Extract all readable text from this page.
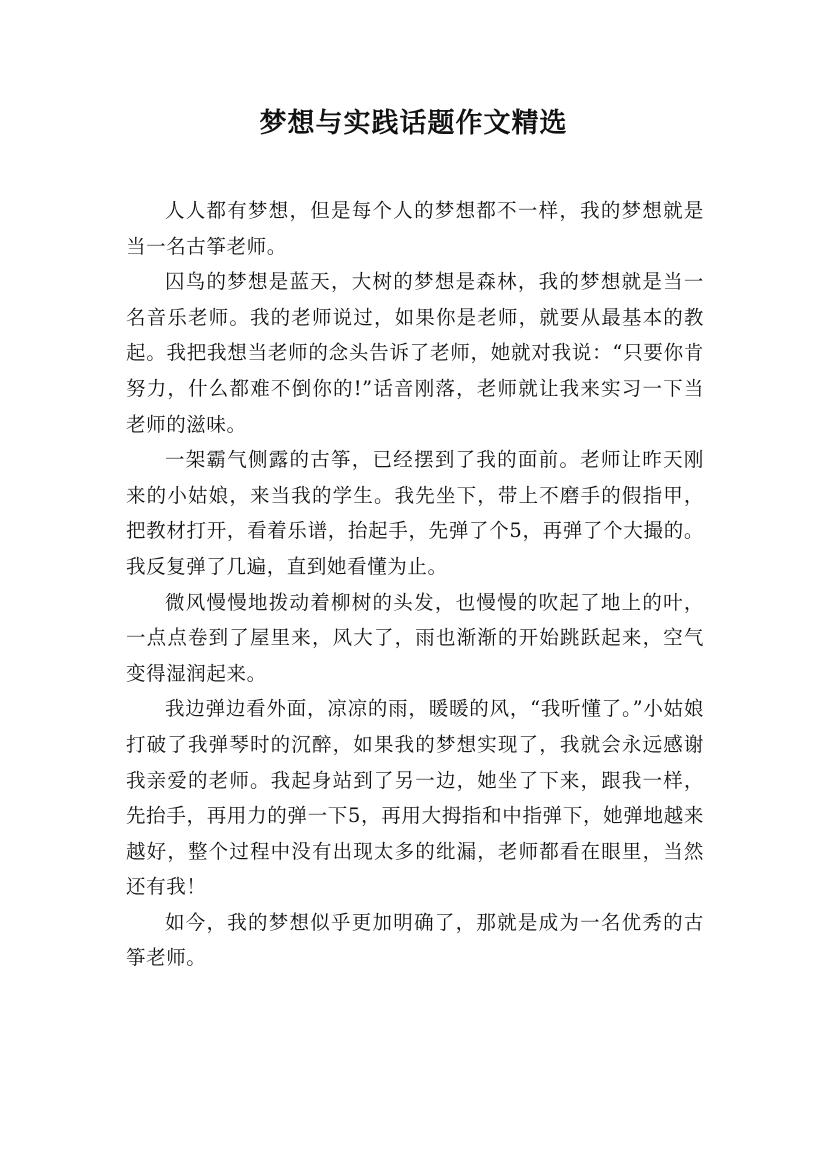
梦想与实践话题作文精选

人人都有梦想，但是每个人的梦想都不一样，我的梦想就是当一名古筝老师。

囚鸟的梦想是蓝天，大树的梦想是森林，我的梦想就是当一名音乐老师。我的老师说过，如果你是老师，就要从最基本的教起。我把我想当老师的念头告诉了老师，她就对我说：“只要你肯努力，什么都难不倒你的!”话音刚落，老师就让我来实习一下当老师的滋味。

一架霸气侧露的古筝，已经摆到了我的面前。老师让昨天刚来的小姑娘，来当我的学生。我先坐下，带上不磨手的假指甲，把教材打开，看着乐谱，抬起手，先弹了个5，再弹了个大撮的。我反复弹了几遍，直到她看懂为止。

微风慢慢地拨动着柳树的头发，也慢慢的吹起了地上的叶，一点点卷到了屋里来，风大了，雨也渐渐的开始跳跃起来，空气变得湿润起来。

我边弹边看外面，凉凉的雨，暖暖的风，“我听懂了。”小姑娘打破了我弹琴时的沉醉，如果我的梦想实现了，我就会永远感谢我亲爱的老师。我起身站到了另一边，她坐了下来，跟我一样，先抬手，再用力的弹一下5，再用大拇指和中指弹下，她弹地越来越好，整个过程中没有出现太多的纰漏，老师都看在眼里，当然还有我！

如今，我的梦想似乎更加明确了，那就是成为一名优秀的古筝老师。
